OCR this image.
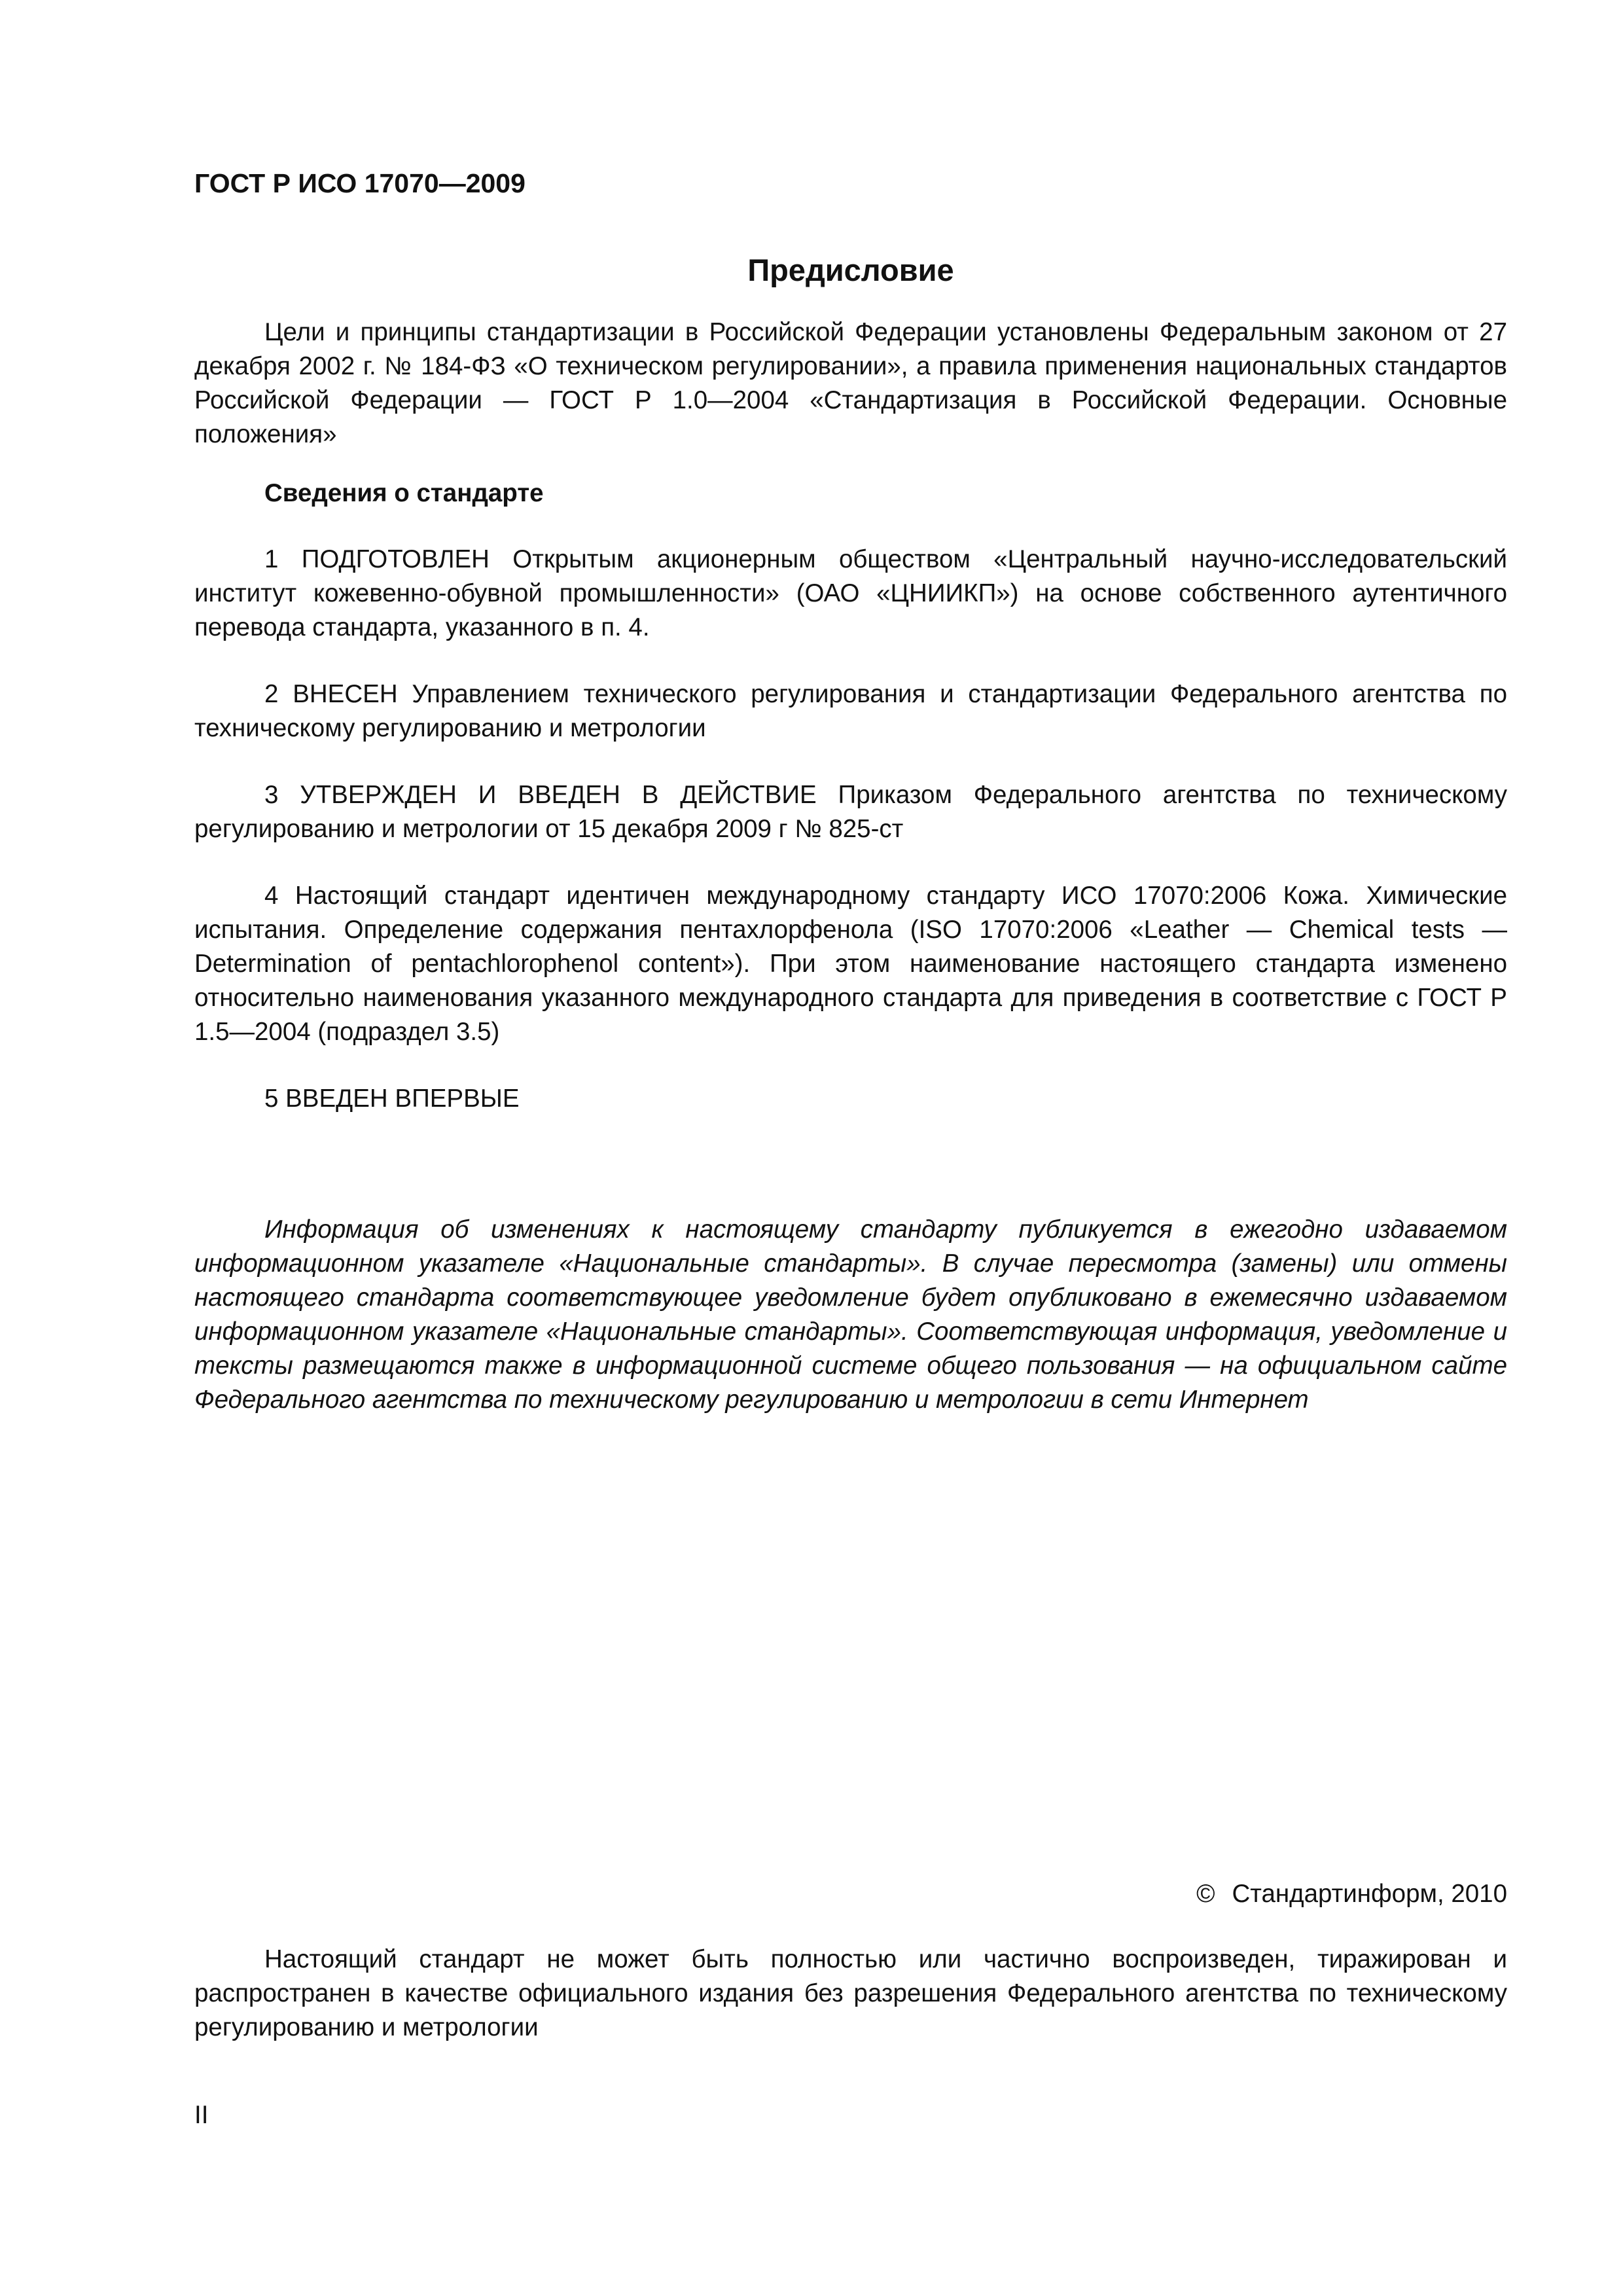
ГОСТ Р ИСО 17070—2009
Предисловие

Цели и принципы стандартизации в Российской Федерации установлены Федеральным законом от 27 декабря 2002 г. № 184-ФЗ «О техническом регулировании», а правила применения национальных стандартов Российской Федерации — ГОСТ Р 1.0—2004 «Стандартизация в Российской Федерации. Основные положения»

Сведения о стандарте

1 ПОДГОТОВЛЕН Открытым акционерным обществом «Центральный научно-исследовательский институт кожевенно-обувной промышленности» (ОАО «ЦНИИКП») на основе собственного аутентичного перевода стандарта, указанного в п. 4.

2 ВНЕСЕН Управлением технического регулирования и стандартизации Федерального агентства по техническому регулированию и метрологии

3 УТВЕРЖДЕН И ВВЕДЕН В ДЕЙСТВИЕ Приказом Федерального агентства по техническому регулированию и метрологии от 15 декабря 2009 г № 825-ст

4 Настоящий стандарт идентичен международному стандарту ИСО 17070:2006 Кожа. Химические испытания. Определение содержания пентахлорфенола (ISO 17070:2006 «Leather — Chemical tests — Determination of pentachlorophenol content»). При этом наименование настоящего стандарта изменено относительно наименования указанного международного стандарта для приведения в соответствие с ГОСТ Р 1.5—2004 (подраздел 3.5)

5 ВВЕДЕН ВПЕРВЫЕ

Информация об изменениях к настоящему стандарту публикуется в ежегодно издаваемом информационном указателе «Национальные стандарты». В случае пересмотра (замены) или отмены настоящего стандарта соответствующее уведомление будет опубликовано в ежемесячно издаваемом информационном указателе «Национальные стандарты». Соответствующая информация, уведомление и тексты размещаются также в информационной системе общего пользования — на официальном сайте Федерального агентства по техническому регулированию и метрологии в сети Интернет

© Стандартинформ, 2010

Настоящий стандарт не может быть полностью или частично воспроизведен, тиражирован и распространен в качестве официального издания без разрешения Федерального агентства по техническому регулированию и метрологии

II
